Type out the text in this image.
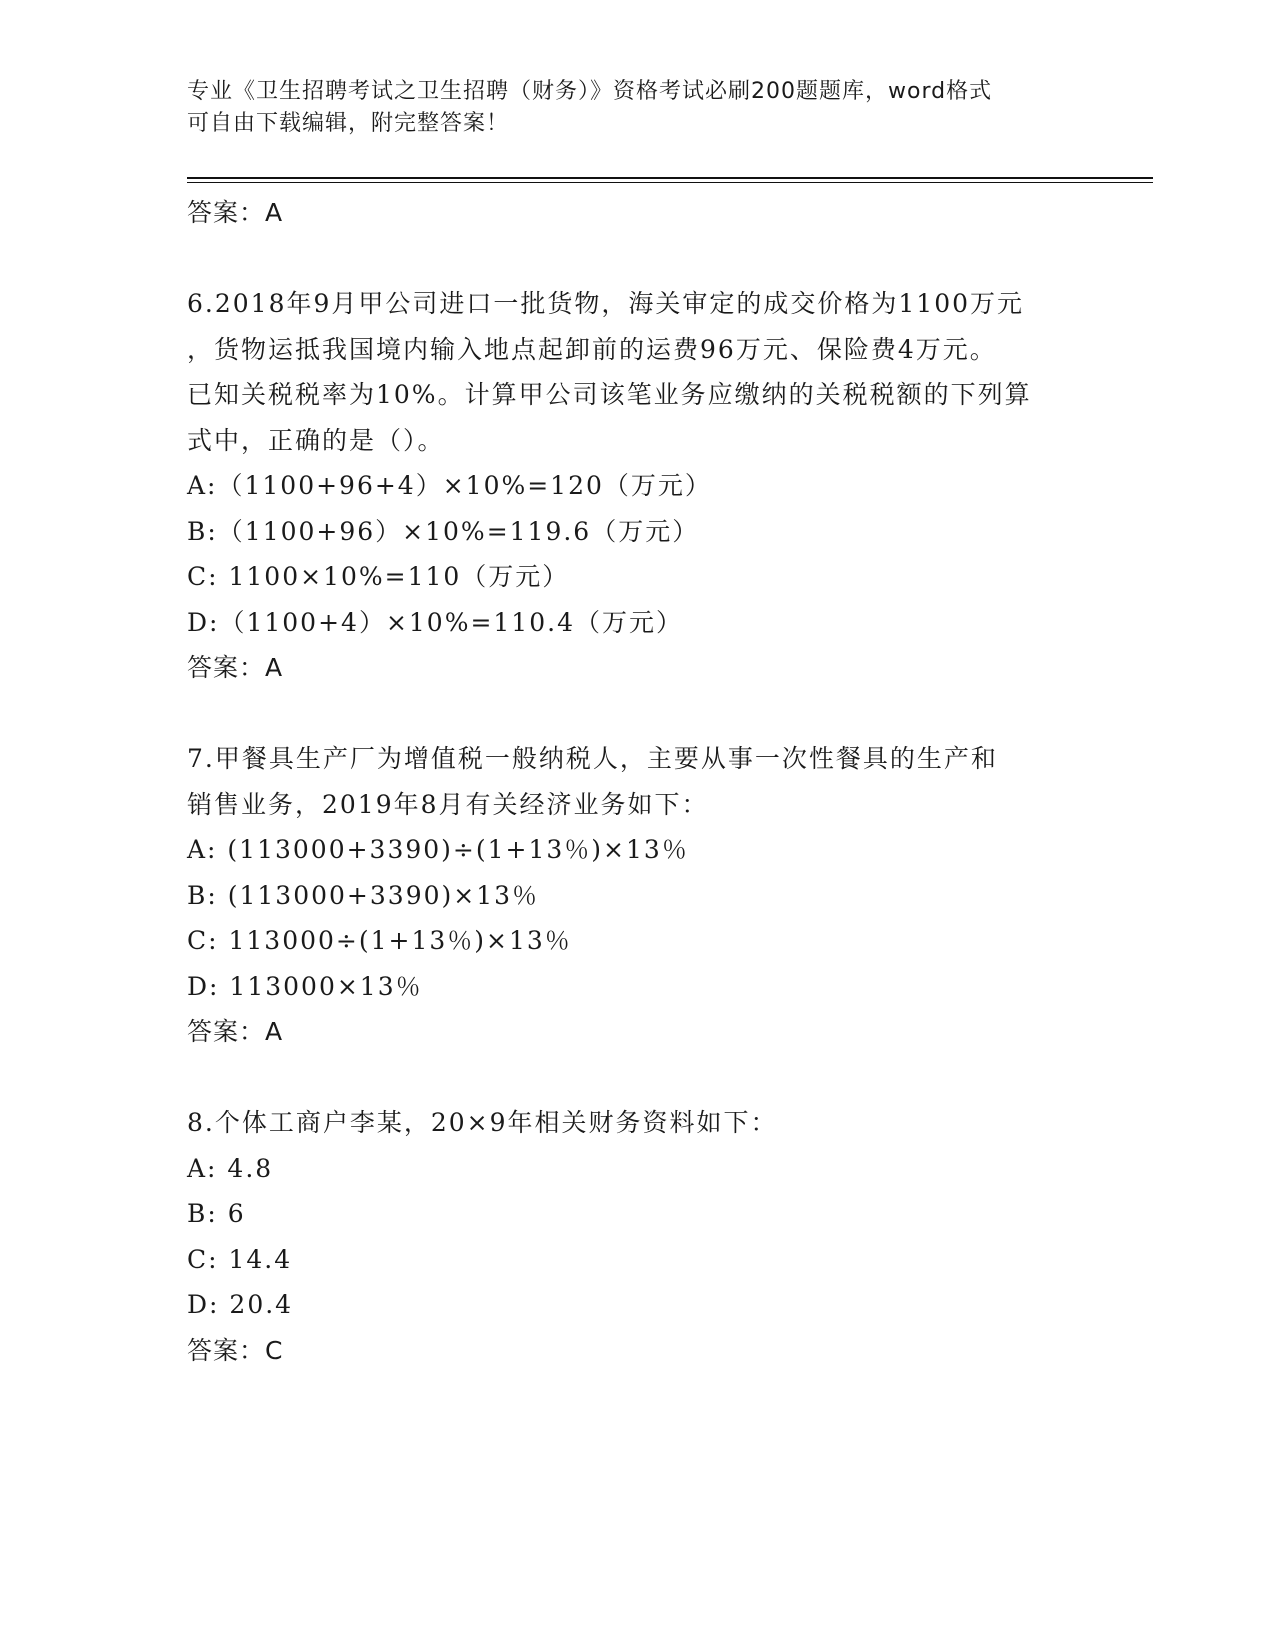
专业《卫生招聘考试之卫生招聘（财务）》资格考试必刷200题题库，word格式
可自由下载编辑，附完整答案！
答案：A
6.2018年9月甲公司进口一批货物，海关审定的成交价格为1100万元
，货物运抵我国境内输入地点起卸前的运费96万元、保险费4万元。
已知关税税率为10%。计算甲公司该笔业务应缴纳的关税税额的下列算
式中，正确的是（）。
A:（1100+96+4）×10%=120（万元）
B:（1100+96）×10%=119.6（万元）
C: 1100×10%=110（万元）
D:（1100+4）×10%=110.4（万元）
答案：A
7.甲餐具生产厂为增值税一般纳税人，主要从事一次性餐具的生产和
销售业务，2019年8月有关经济业务如下：
A: (113000+3390)÷(1+13％)×13％
B: (113000+3390)×13％
C: 113000÷(1+13％)×13％
D: 113000×13％
答案：A
8.个体工商户李某，20×9年相关财务资料如下：
A: 4.8
B: 6
C: 14.4
D: 20.4
答案：C
